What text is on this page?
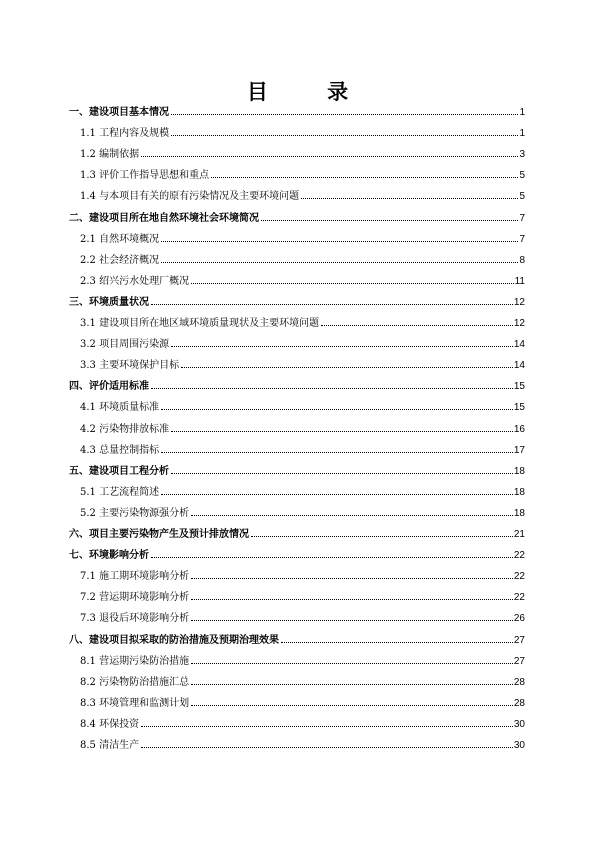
目 录
一、建设项目基本情况	1
1.1 工程内容及规模	1
1.2 编制依据	3
1.3 评价工作指导思想和重点	5
1.4 与本项目有关的原有污染情况及主要环境问题	5
二、建设项目所在地自然环境社会环境简况	7
2.1 自然环境概况	7
2.2 社会经济概况	8
2.3 绍兴污水处理厂概况	11
三、环境质量状况	12
3.1 建设项目所在地区域环境质量现状及主要环境问题	12
3.2 项目周围污染源	14
3.3 主要环境保护目标	14
四、评价适用标准	15
4.1 环境质量标准	15
4.2 污染物排放标准	16
4.3 总量控制指标	17
五、建设项目工程分析	18
5.1 工艺流程简述	18
5.2 主要污染物源强分析	18
六、项目主要污染物产生及预计排放情况	21
七、环境影响分析	22
7.1 施工期环境影响分析	22
7.2 营运期环境影响分析	22
7.3 退役后环境影响分析	26
八、建设项目拟采取的防治措施及预期治理效果	27
8.1 营运期污染防治措施	27
8.2 污染物防治措施汇总	28
8.3 环境管理和监测计划	28
8.4 环保投资	30
8.5 清洁生产	30
